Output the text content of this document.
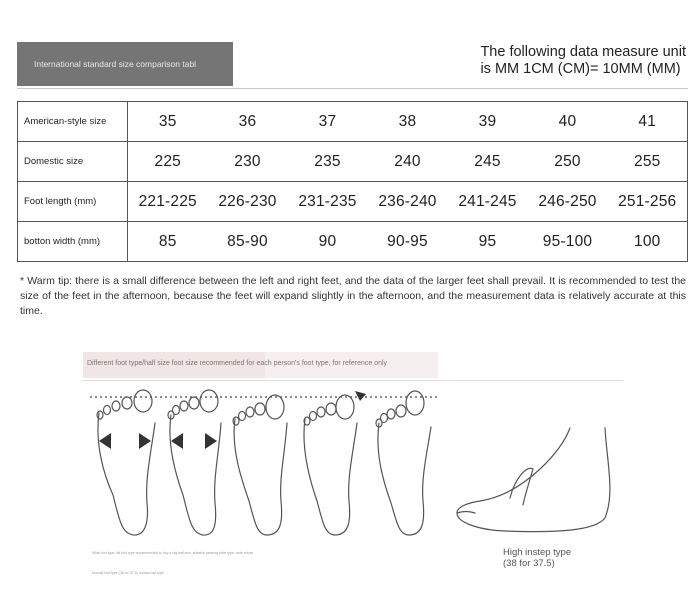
International standard size comparison tabl
The following data measure unit
is MM 1CM (CM)= 10MM (MM)
American-style size	35	36	37	38	39	40	41
Domestic size	225	230	235	240	245	250	255
Foot length (mm)	221-225	226-230	231-235	236-240	241-245	246-250	251-256
botton width (mm)	85	85-90	90	90-95	95	95-100	100
* Warm tip: there is a small difference between the left and right feet, and the data of the larger feet shall prevail. It is recommended to test the size of the feet in the afternoon, because the feet will expand slightly in the afternoon, and the measurement data is relatively accurate at this time.
Different foot type/half size foot size recommended for each person's foot type, for reference only
Wide foot type, fat foot type recommended to buy a big half size, suitable wearing wide type, wide shoes
Normal foot type (38 for 37.5) normal foot type
High instep type (38 for 37.5)
